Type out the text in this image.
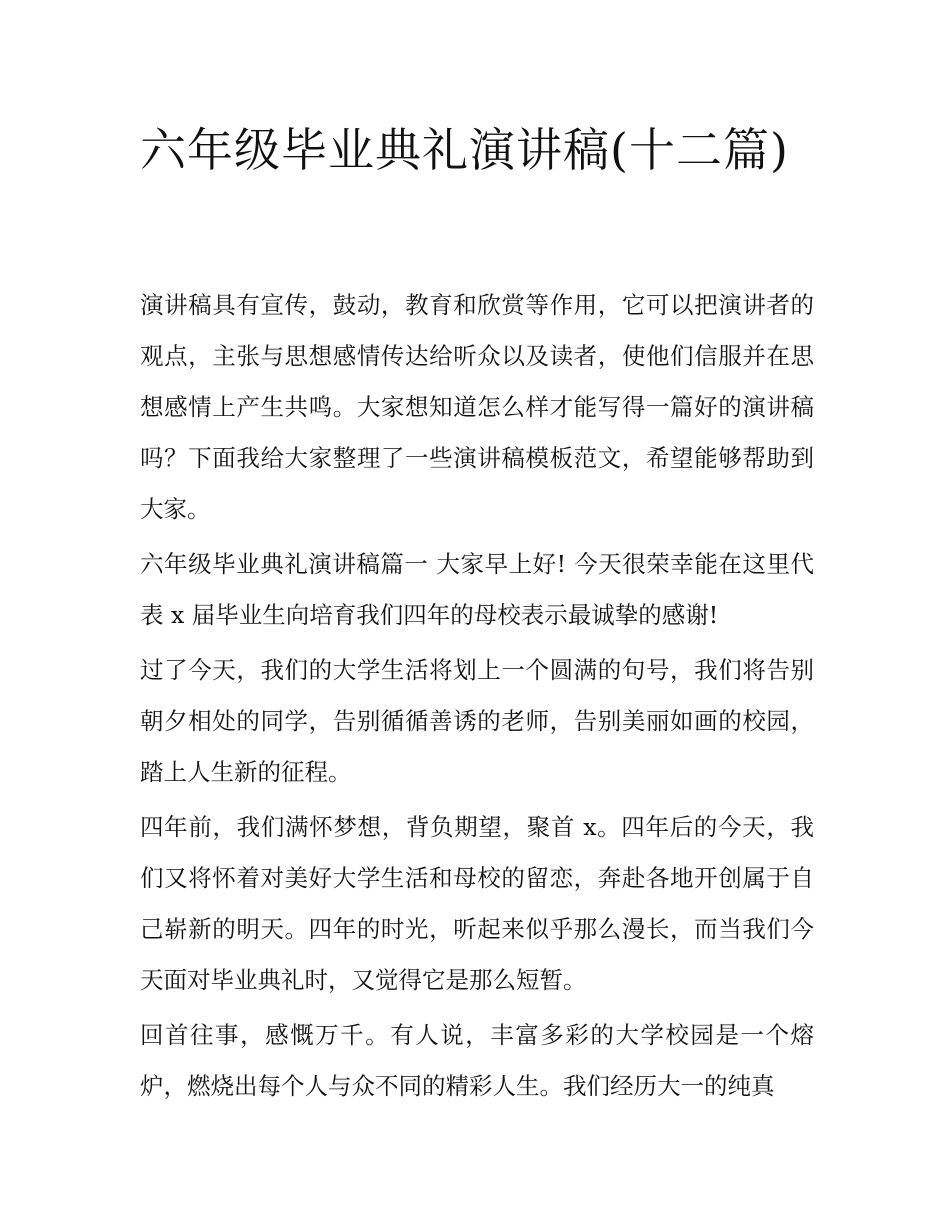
六年级毕业典礼演讲稿(十二篇)

演讲稿具有宣传，鼓动，教育和欣赏等作用，它可以把演讲者的观点，主张与思想感情传达给听众以及读者，使他们信服并在思想感情上产生共鸣。大家想知道怎么样才能写得一篇好的演讲稿吗？下面我给大家整理了一些演讲稿模板范文，希望能够帮助到大家。

六年级毕业典礼演讲稿篇一 大家早上好! 今天很荣幸能在这里代表 x 届毕业生向培育我们四年的母校表示最诚挚的感谢!

过了今天，我们的大学生活将划上一个圆满的句号，我们将告别朝夕相处的同学，告别循循善诱的老师，告别美丽如画的校园，踏上人生新的征程。

四年前，我们满怀梦想，背负期望，聚首 x。四年后的今天，我们又将怀着对美好大学生活和母校的留恋，奔赴各地开创属于自己崭新的明天。四年的时光，听起来似乎那么漫长，而当我们今天面对毕业典礼时，又觉得它是那么短暂。

回首往事，感慨万千。有人说，丰富多彩的大学校园是一个熔炉，燃烧出每个人与众不同的精彩人生。我们经历大一的纯真
